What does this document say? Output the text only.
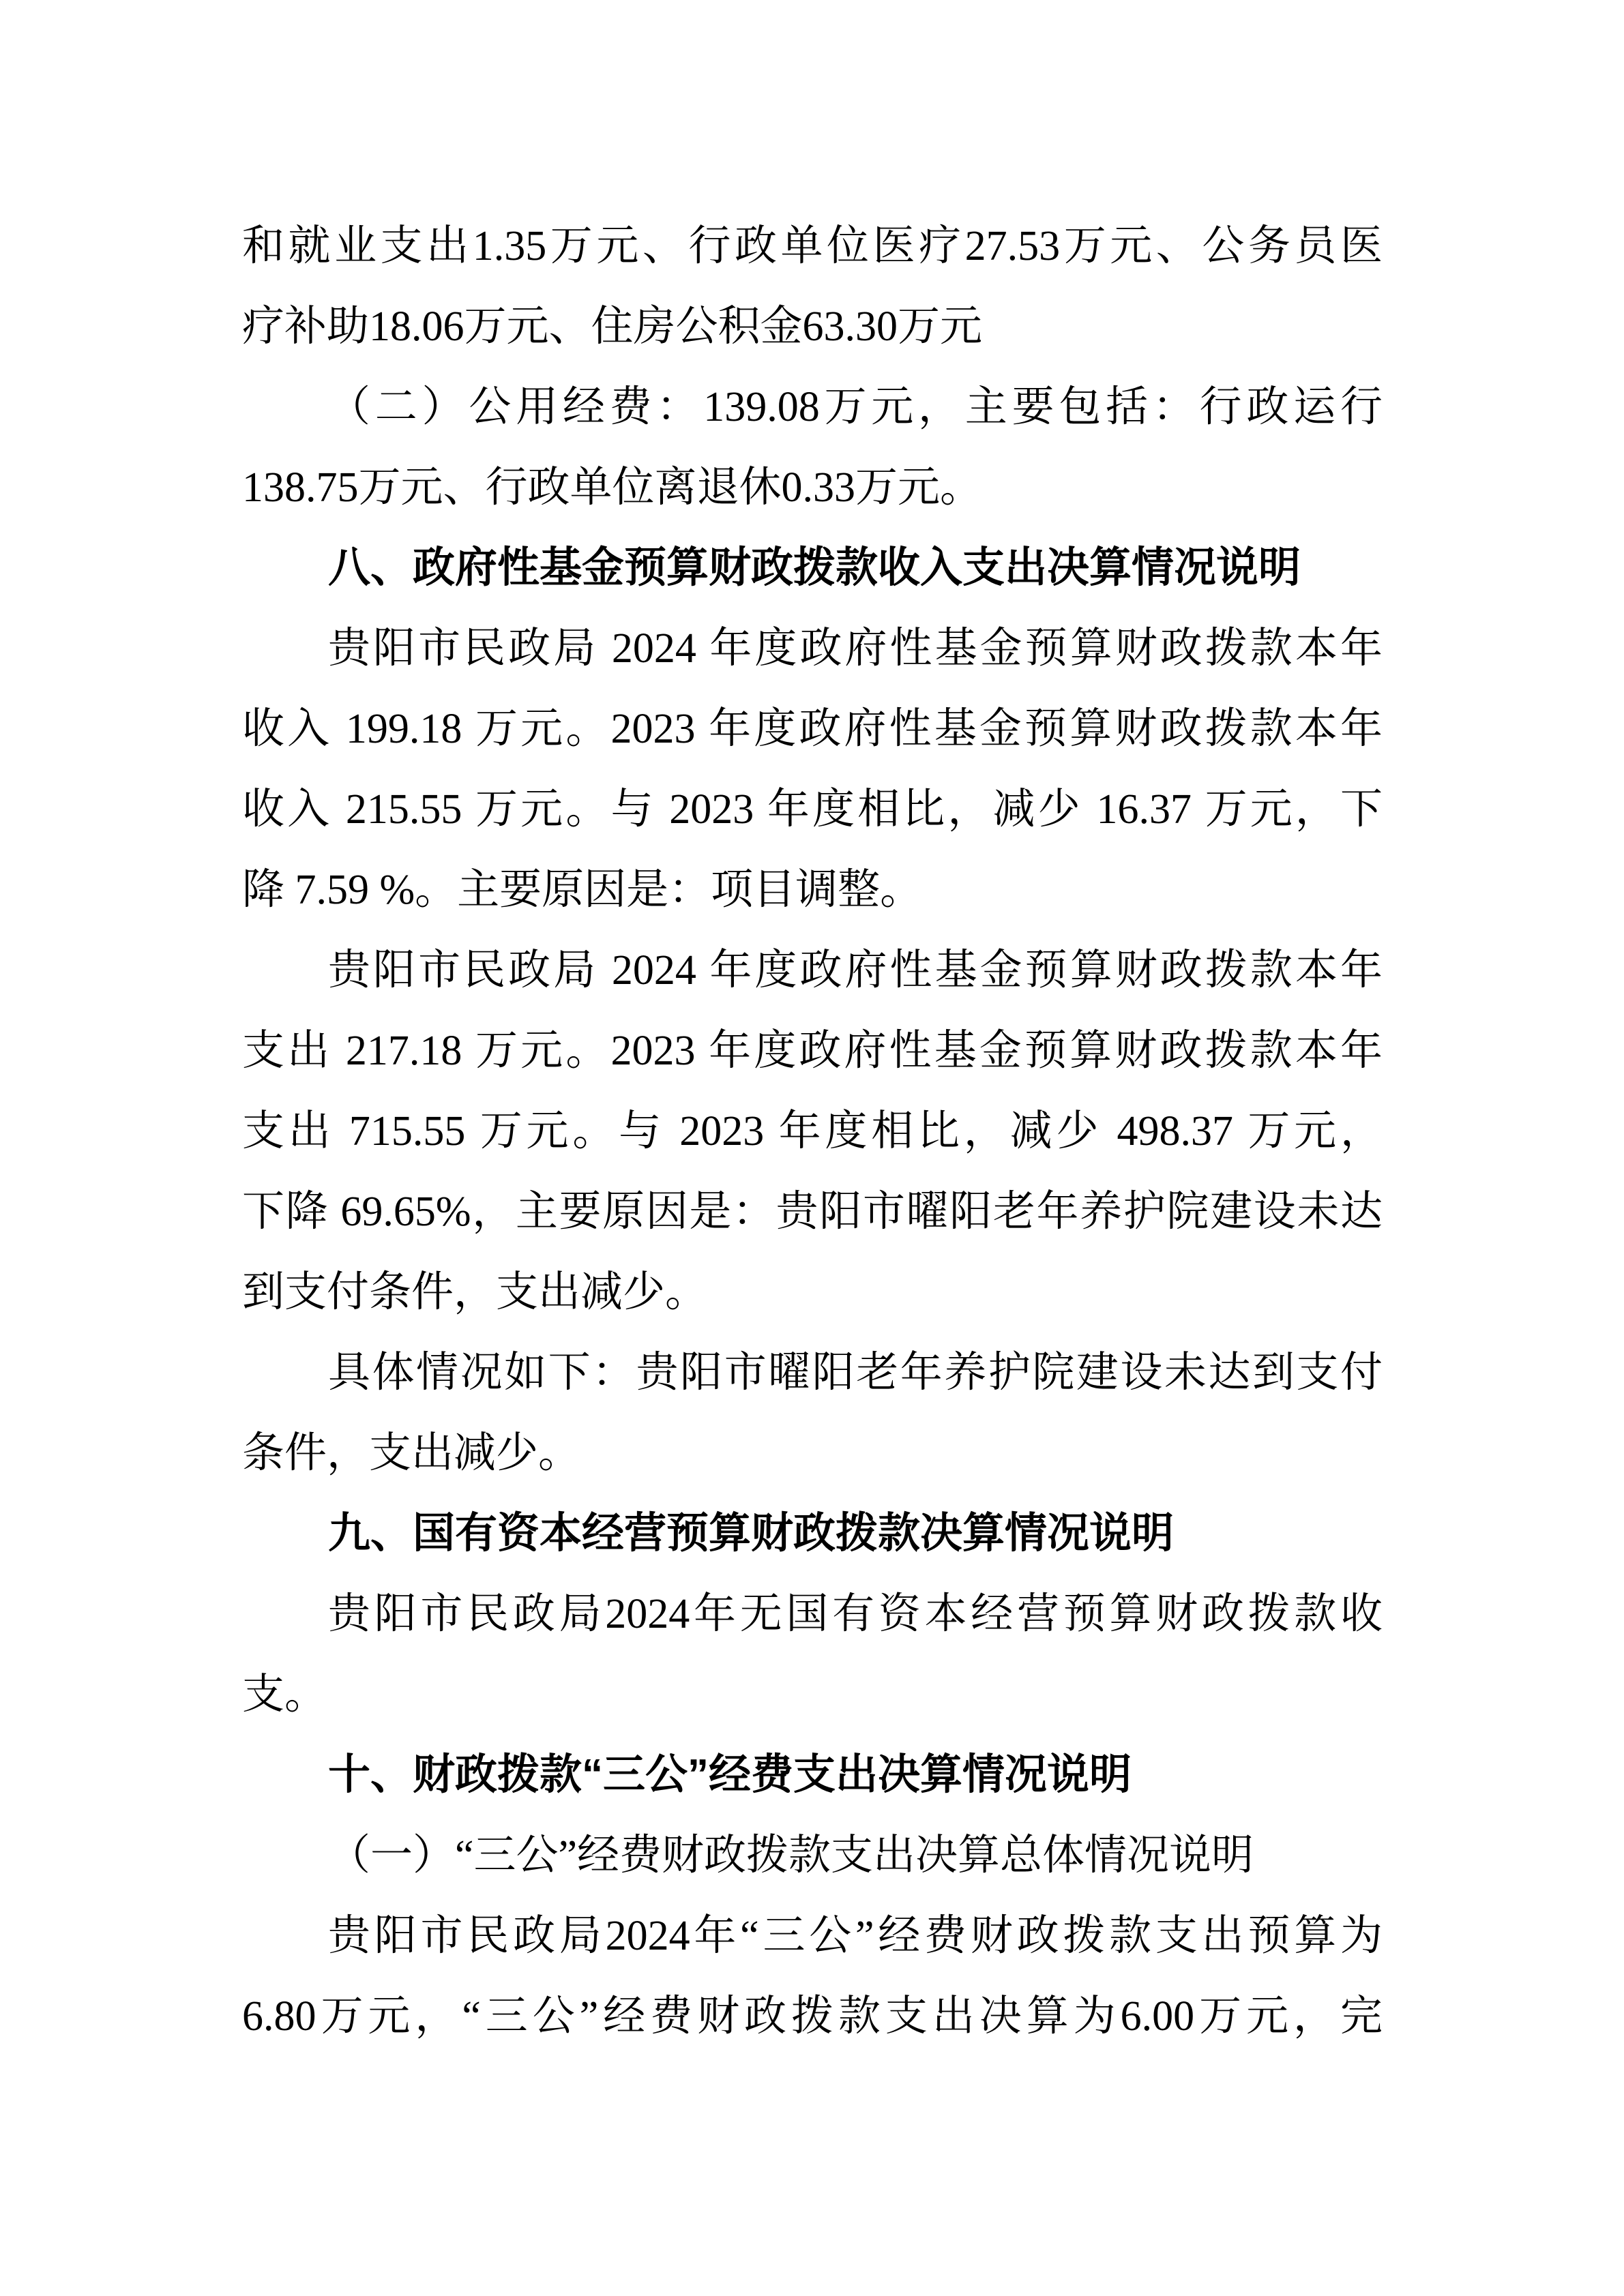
和就业支出1.35万元、行政单位医疗27.53万元、公务员医
疗补助18.06万元、住房公积金63.30万元
（二）公用经费：139.08万元，主要包括：行政运行
138.75万元、行政单位离退休0.33万元。
八、政府性基金预算财政拨款收入支出决算情况说明
贵阳市民政局 2024 年度政府性基金预算财政拨款本年
收入 199.18 万元。2023 年度政府性基金预算财政拨款本年
收入 215.55 万元。与 2023 年度相比，减少 16.37 万元，下
降 7.59 %。主要原因是：项目调整。
贵阳市民政局 2024 年度政府性基金预算财政拨款本年
支出 217.18 万元。2023 年度政府性基金预算财政拨款本年
支出 715.55 万元。与 2023 年度相比，减少 498.37 万元，
下降 69.65%，主要原因是：贵阳市曜阳老年养护院建设未达
到支付条件，支出减少。
具体情况如下：贵阳市曜阳老年养护院建设未达到支付
条件，支出减少。
九、国有资本经营预算财政拨款决算情况说明
贵阳市民政局2024年无国有资本经营预算财政拨款收
支。
十、财政拨款“三公”经费支出决算情况说明
（一）“三公”经费财政拨款支出决算总体情况说明
贵阳市民政局2024年“三公”经费财政拨款支出预算为
6.80万元，“三公”经费财政拨款支出决算为6.00万元，完
